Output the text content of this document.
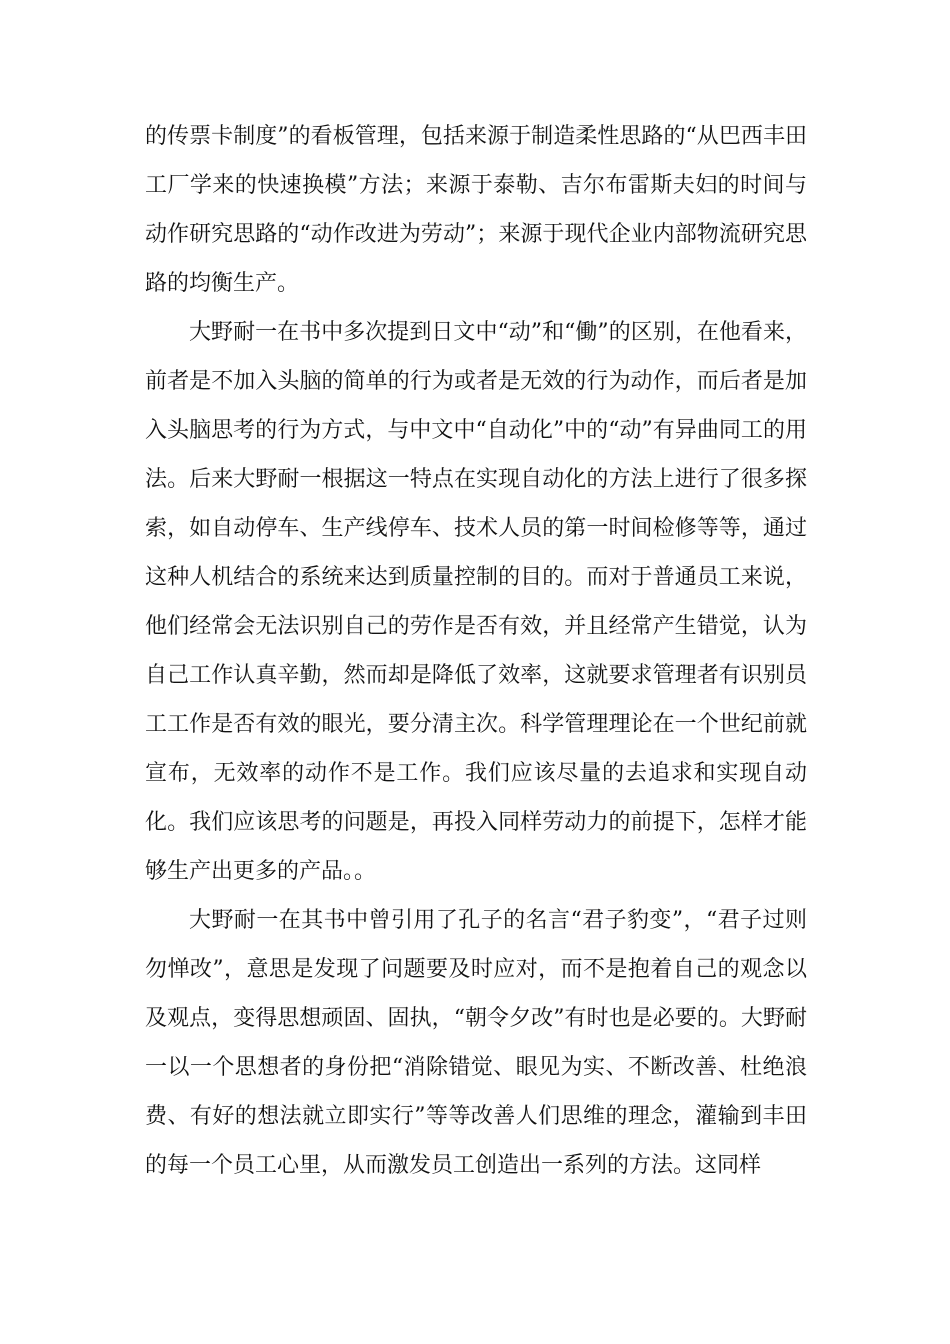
的传票卡制度”的看板管理，包括来源于制造柔性思路的“从巴西丰田工厂学来的快速换模”方法；来源于泰勒、吉尔布雷斯夫妇的时间与动作研究思路的“动作改进为劳动”；来源于现代企业内部物流研究思路的均衡生产。

大野耐一在书中多次提到日文中“动”和“働”的区别，在他看来，前者是不加入头脑的简单的行为或者是无效的行为动作，而后者是加入头脑思考的行为方式，与中文中“自动化”中的“动”有异曲同工的用法。后来大野耐一根据这一特点在实现自动化的方法上进行了很多探索，如自动停车、生产线停车、技术人员的第一时间检修等等，通过这种人机结合的系统来达到质量控制的目的。而对于普通员工来说，他们经常会无法识别自己的劳作是否有效，并且经常产生错觉，认为自己工作认真辛勤，然而却是降低了效率，这就要求管理者有识别员工工作是否有效的眼光，要分清主次。科学管理理论在一个世纪前就宣布，无效率的动作不是工作。我们应该尽量的去追求和实现自动化。我们应该思考的问题是，再投入同样劳动力的前提下，怎样才能够生产出更多的产品。。

大野耐一在其书中曾引用了孔子的名言“君子豹变”，“君子过则勿惮改”，意思是发现了问题要及时应对，而不是抱着自己的观念以及观点，变得思想顽固、固执，“朝令夕改”有时也是必要的。大野耐一以一个思想者的身份把“消除错觉、眼见为实、不断改善、杜绝浪费、有好的想法就立即实行”等等改善人们思维的理念，灌输到丰田的每一个员工心里，从而激发员工创造出一系列的方法。这同样
